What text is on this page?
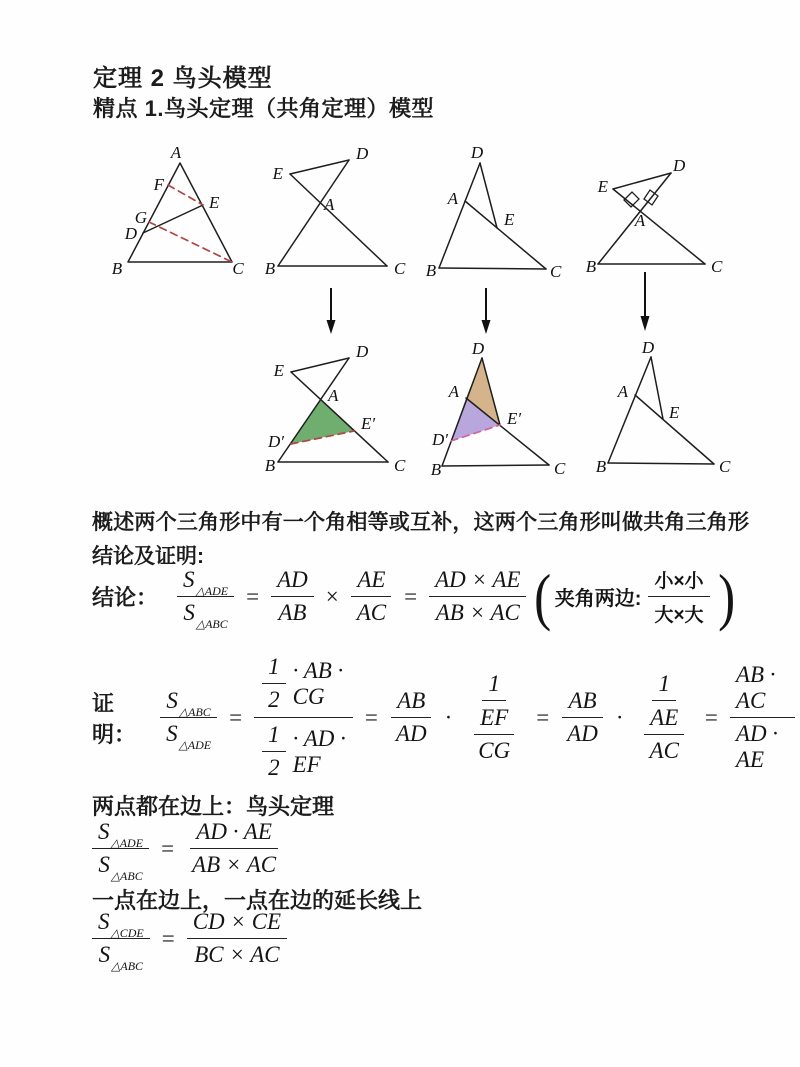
定理 2 鸟头模型
精点 1.鸟头定理（共角定理）模型
A
F
E
G
D
B	C
D
E
A
B	C
D
A
E
B	C
E
D
A
B	C
D
E
A
E′
D′
B	C
D
A
E′
D′
B	C
D
A
E
B	C
概述两个三角形中有一个角相等或互补，这两个三角形叫做共角三角形
结论及证明:
结论： $\frac{S_{\triangle ADE}}{S_{\triangle ABC}} = \frac{AD}{AB} \times \frac{AE}{AC} = \frac{AD \times AE}{AB \times AC}$ ( 夹角两边: $\frac{\text{小×小}}{\text{大×大}}$ )
证明： $\frac{S_{\triangle ABC}}{S_{\triangle ADE}} = \frac{\frac{1}{2} \cdot AB \cdot CG}{\frac{1}{2} \cdot AD \cdot EF} = \frac{AB}{AD} \cdot \frac{1}{\frac{EF}{CG}} = \frac{AB}{AD} \cdot \frac{1}{\frac{AE}{AC}} = \frac{AB \cdot AC}{AD \cdot AE}$
两点都在边上：鸟头定理
$\frac{S_{\triangle ADE}}{S_{\triangle ABC}} = \frac{AD \cdot AE}{AB \times AC}$
一点在边上，一点在边的延长线上
$\frac{S_{\triangle CDE}}{S_{\triangle ABC}} = \frac{CD \times CE}{BC \times AC}$
